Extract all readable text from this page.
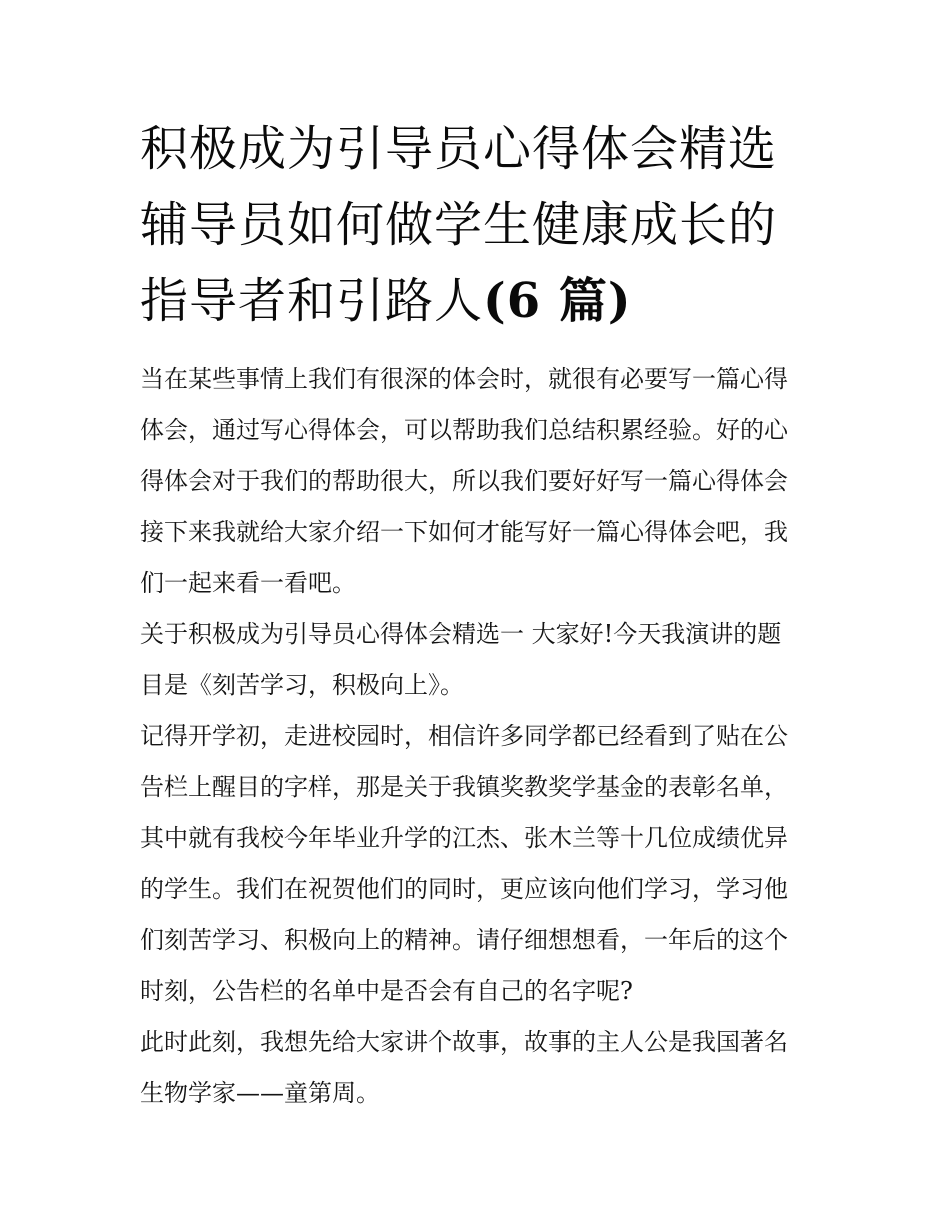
积极成为引导员心得体会精选
辅导员如何做学生健康成长的
指导者和引路人(6 篇)
当在某些事情上我们有很深的体会时，就很有必要写一篇心得
体会，通过写心得体会，可以帮助我们总结积累经验。好的心
得体会对于我们的帮助很大，所以我们要好好写一篇心得体会
接下来我就给大家介绍一下如何才能写好一篇心得体会吧，我
们一起来看一看吧。
关于积极成为引导员心得体会精选一 大家好!今天我演讲的题
目是《刻苦学习，积极向上》。
记得开学初，走进校园时，相信许多同学都已经看到了贴在公
告栏上醒目的字样，那是关于我镇奖教奖学基金的表彰名单，
其中就有我校今年毕业升学的江杰、张木兰等十几位成绩优异
的学生。我们在祝贺他们的同时，更应该向他们学习，学习他
们刻苦学习、积极向上的精神。请仔细想想看，一年后的这个
时刻，公告栏的名单中是否会有自己的名字呢?
此时此刻，我想先给大家讲个故事，故事的主人公是我国著名
生物学家——童第周。
